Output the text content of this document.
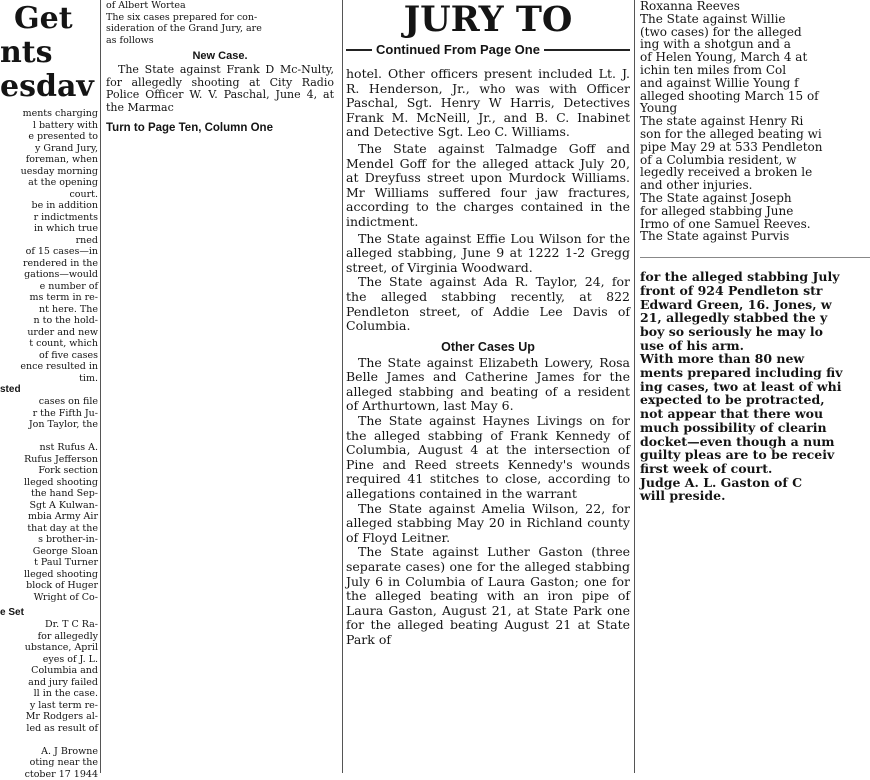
Get
nts
esdav
ments charging
l battery with
e presented to
y Grand Jury,
foreman, when
uesday morning
at the opening
court.
be in addition
r indictments
in which true
rned
of 15 cases—in
rendered in the
gations—would
e number of
ms term in re-
nt here. The
n to the hold-
urder and new
t count, which
of five cases
ence resulted in
tim.
sted
cases on file
r the Fifth Ju-
Jon Taylor, the

nst Rufus A.
Rufus Jefferson
Fork section
lleged shooting
the hand Sep-
Sgt A Kulwan-
mbia Army Air
that day at the
s brother-in-
George Sloan
t Paul Turner
lleged shooting
block of Huger
Wright of Co-
e Set
Dr. T C Ra-
for allegedly
ubstance, April
eyes of J. L.
Columbia and
and jury failed
ll in the case.
y last term re-
Mr Rodgers al-
led as result of

A. J Browne
oting near the
ctober 17 1944
of Albert Wortea
The six cases prepared for con-
sideration of the Grand Jury, are
as follows
New Case.

The State against Frank D Mc-Nulty, for allegedly shooting at City Radio Police Officer W. V. Paschal, June 4, at the Marmac

Turn to Page Ten, Column One
JURY TO
Continued From Page One

hotel. Other officers present included Lt. J. R. Henderson, Jr., who was with Officer Paschal, Sgt. Henry W Harris, Detectives Frank M. McNeill, Jr., and B. C. Inabinet and Detective Sgt. Leo C. Williams.

The State against Talmadge Goff and Mendel Goff for the alleged attack July 20, at Dreyfuss street upon Murdock Williams. Mr Williams suffered four jaw fractures, according to the charges contained in the indictment.

The State against Effie Lou Wilson for the alleged stabbing, June 9 at 1222 1-2 Gregg street, of Virginia Woodward.

The State against Ada R. Taylor, 24, for the alleged stabbing recently, at 822 Pendleton street, of Addie Lee Davis of Columbia.

Other Cases Up

The State against Elizabeth Lowery, Rosa Belle James and Catherine James for the alleged stabbing and beating of a resident of Arthurtown, last May 6.

The State against Haynes Livings on for the alleged stabbing of Frank Kennedy of Columbia, August 4 at the intersection of Pine and Reed streets Kennedy's wounds required 41 stitches to close, according to allegations contained in the warrant

The State against Amelia Wilson, 22, for alleged stabbing May 20 in Richland county of Floyd Leitner.

The State against Luther Gaston (three separate cases) one for the alleged stabbing July 6 in Columbia of Laura Gaston; one for the alleged beating with an iron pipe of Laura Gaston, August 21, at State Park one for the alleged beating August 21 at State Park of

Roxanna Reeves
The State against Willie
(two cases) for the alleged
ing with a shotgun and a
of Helen Young, March 4 at
ichin ten miles from Col
and against Willie Young f
alleged shooting March 15 of
Young
The state against Henry Ri
son for the alleged beating wi
pipe May 29 at 533 Pendleton
of a Columbia resident, w
legedly received a broken le
and other injuries.
The State against Joseph
for alleged stabbing June
Irmo of one Samuel Reeves.
The State against Purvis
for the alleged stabbing July
front of 924 Pendleton str
Edward Green, 16. Jones, w
21, allegedly stabbed the y
boy so seriously he may lo
use of his arm.
With more than 80 new
ments prepared including fiv
ing cases, two at least of whi
expected to be protracted,
not appear that there wou
much possibility of clearin
docket—even though a num
guilty pleas are to be receiv
first week of court.
Judge A. L. Gaston of C
will preside.
